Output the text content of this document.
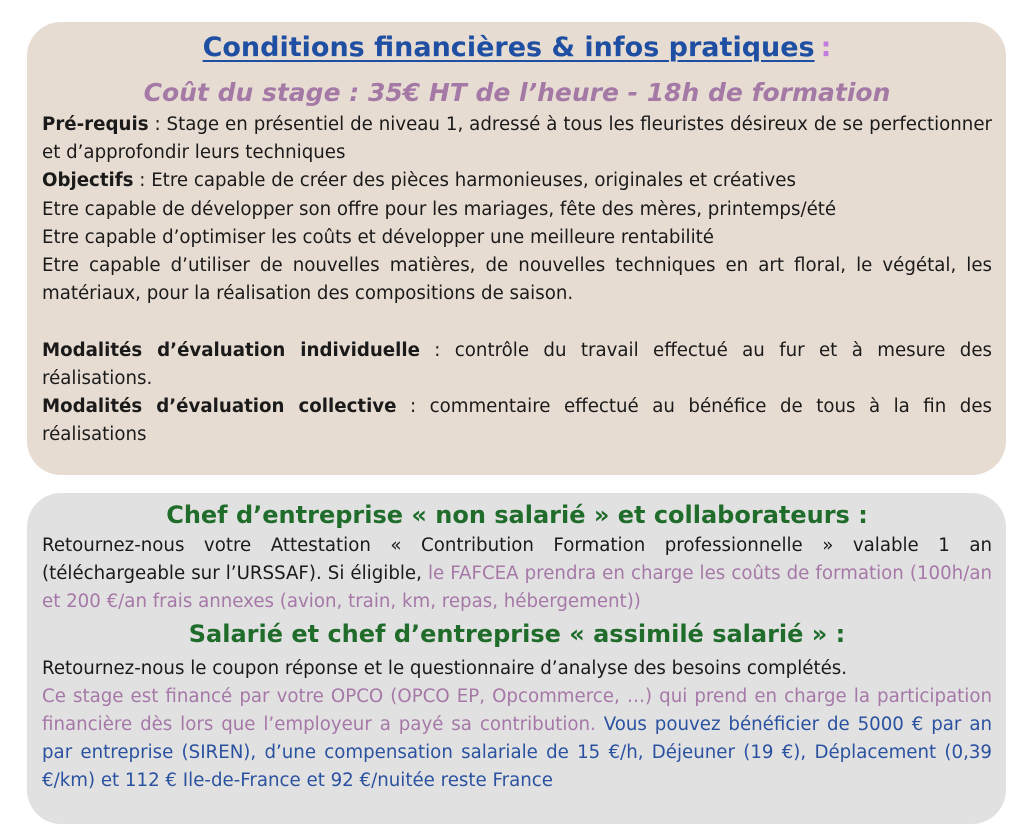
Conditions financières & infos pratiques :
Coût du stage : 35€ HT de l’heure - 18h de formation
Pré-requis : Stage en présentiel de niveau 1, adressé à tous les fleuristes désireux de se perfectionner et d’approfondir leurs techniques
Objectifs : Etre capable de créer des pièces harmonieuses, originales et créatives
Etre capable de développer son offre pour les mariages, fête des mères, printemps/été
Etre capable d’optimiser les coûts et développer une meilleure rentabilité
Etre capable d’utiliser de nouvelles matières, de nouvelles techniques en art floral, le végétal, les matériaux, pour la réalisation des compositions de saison.
Modalités d’évaluation individuelle : contrôle du travail effectué au fur et à mesure des réalisations.
Modalités d’évaluation collective : commentaire effectué au bénéfice de tous à la fin des réalisations
Chef d’entreprise « non salarié » et collaborateurs :
Retournez-nous votre Attestation « Contribution Formation professionnelle » valable 1 an (téléchargeable sur l’URSSAF). Si éligible, le FAFCEA prendra en charge les coûts de formation (100h/an et 200 €/an frais annexes (avion, train, km, repas, hébergement))
Salarié et chef d’entreprise « assimilé salarié » :
Retournez-nous le coupon réponse et le questionnaire d’analyse des besoins complétés.
Ce stage est financé par votre OPCO (OPCO EP, Opcommerce, …) qui prend en charge la participation financière dès lors que l’employeur a payé sa contribution. Vous pouvez bénéficier de 5000 € par an par entreprise (SIREN), d’une compensation salariale de 15 €/h, Déjeuner (19 €), Déplacement (0,39 €/km) et 112 € Ile-de-France et 92 €/nuitée reste France
